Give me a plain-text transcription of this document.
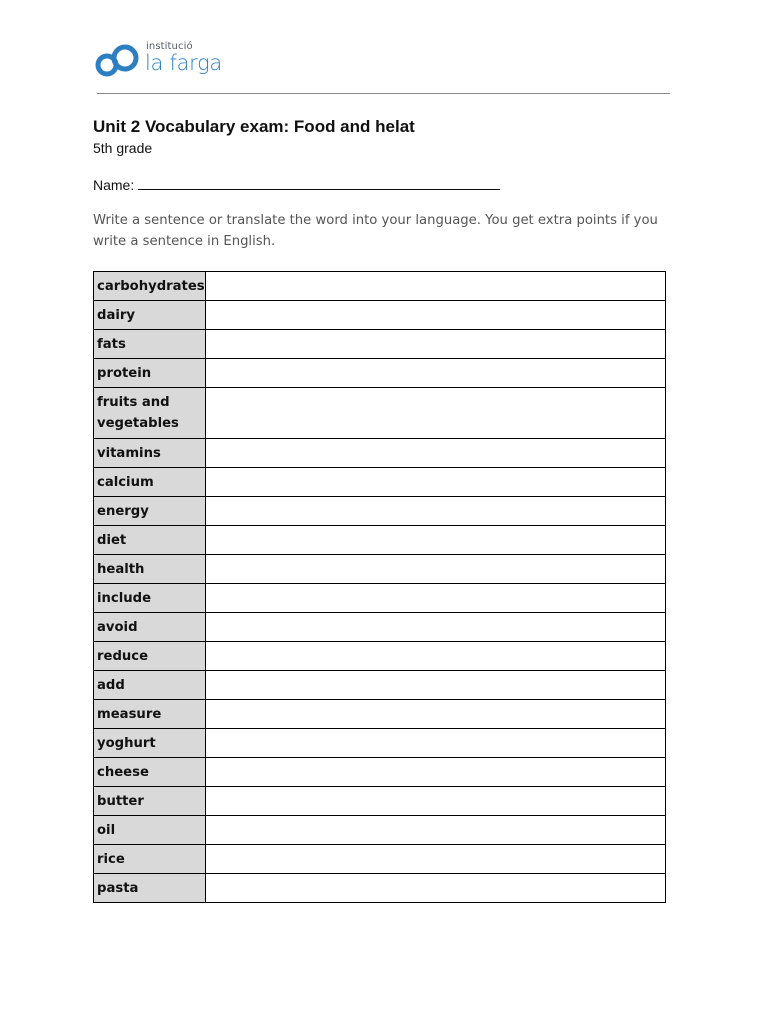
institució
la farga
Unit 2 Vocabulary exam: Food and helat
5th grade
Name:
Write a sentence or translate the word into your language. You get extra points if you write a sentence in English.
carbohydrates	
dairy	
fats	
protein	
fruits and vegetables	
vitamins	
calcium	
energy	
diet	
health	
include	
avoid	
reduce	
add	
measure	
yoghurt	
cheese	
butter	
oil	
rice	
pasta	
